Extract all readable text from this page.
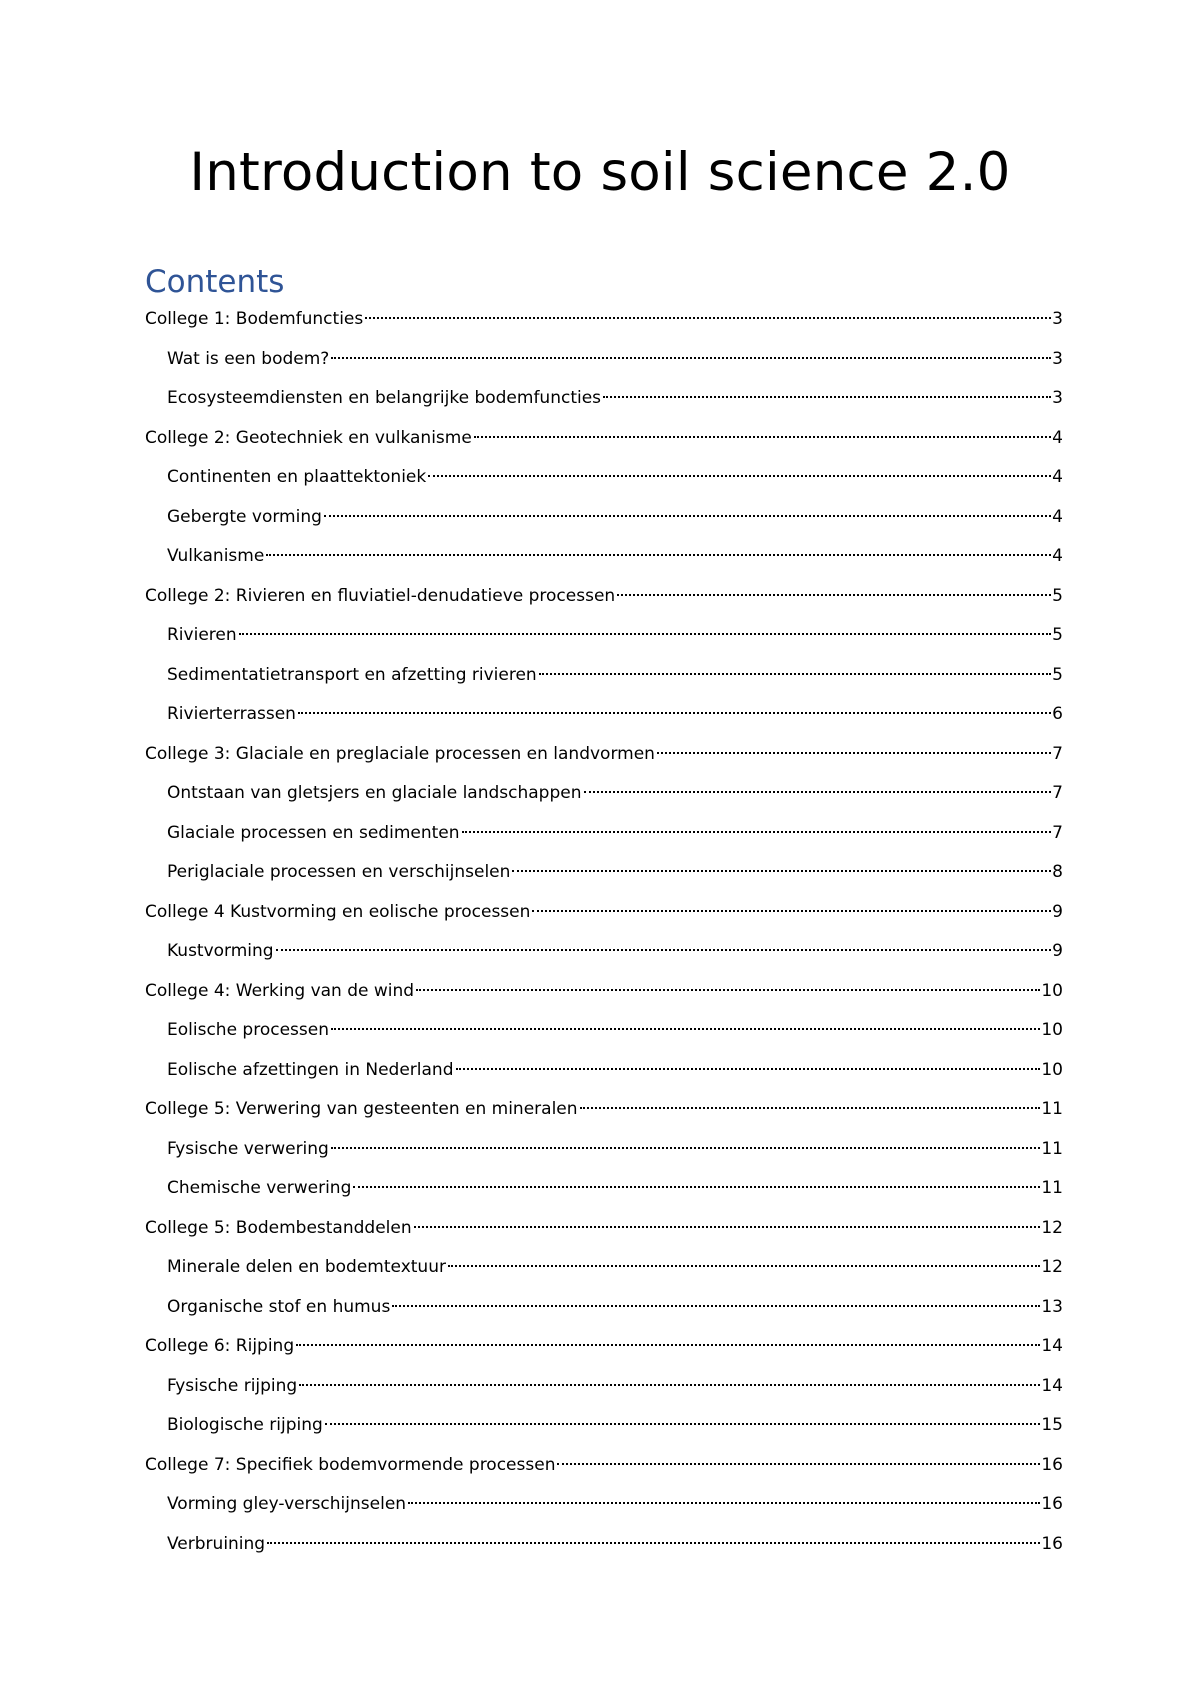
Introduction to soil science 2.0
Contents
College 1: Bodemfuncties	3
Wat is een bodem?	3
Ecosysteemdiensten en belangrijke bodemfuncties	3
College 2: Geotechniek en vulkanisme	4
Continenten en plaattektoniek	4
Gebergte vorming	4
Vulkanisme	4
College 2: Rivieren en fluviatiel-denudatieve processen	5
Rivieren	5
Sedimentatietransport en afzetting rivieren	5
Rivierterrassen	6
College 3: Glaciale en preglaciale processen en landvormen	7
Ontstaan van gletsjers en glaciale landschappen	7
Glaciale processen en sedimenten	7
Periglaciale processen en verschijnselen	8
College 4 Kustvorming en eolische processen	9
Kustvorming	9
College 4: Werking van de wind	10
Eolische processen	10
Eolische afzettingen in Nederland	10
College 5: Verwering van gesteenten en mineralen	11
Fysische verwering	11
Chemische verwering	11
College 5: Bodembestanddelen	12
Minerale delen en bodemtextuur	12
Organische stof en humus	13
College 6: Rijping	14
Fysische rijping	14
Biologische rijping	15
College 7: Specifiek bodemvormende processen	16
Vorming gley-verschijnselen	16
Verbruining	16
